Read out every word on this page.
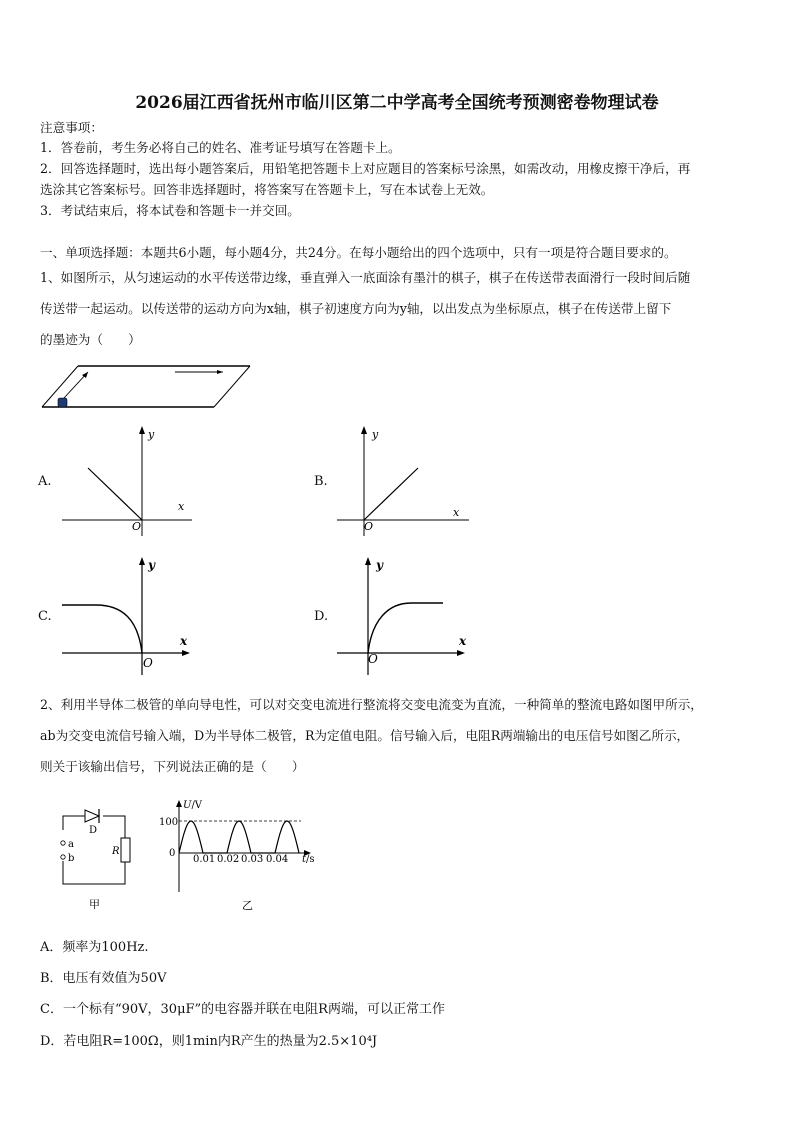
2026届江西省抚州市临川区第二中学高考全国统考预测密卷物理试卷
注意事项：
1．答卷前，考生务必将自己的姓名、准考证号填写在答题卡上。
2．回答选择题时，选出每小题答案后，用铅笔把答题卡上对应题目的答案标号涂黑，如需改动，用橡皮擦干净后，再
选涂其它答案标号。回答非选择题时，将答案写在答题卡上，写在本试卷上无效。
3．考试结束后，将本试卷和答题卡一并交回。
一、单项选择题：本题共6小题，每小题4分，共24分。在每小题给出的四个选项中，只有一项是符合题目要求的。
1、如图所示，从匀速运动的水平传送带边缘，垂直弹入一底面涂有墨汁的棋子，棋子在传送带表面滑行一段时间后随
传送带一起运动。以传送带的运动方向为x轴，棋子初速度方向为y轴，以出发点为坐标原点，棋子在传送带上留下
的墨迹为（　　）
A.
y
x
O
B.
y
x
O
C.
y
x
O
D.
y
x
O
2、利用半导体二极管的单向导电性，可以对交变电流进行整流将交变电流变为直流，一种简单的整流电路如图甲所示，
ab为交变电流信号输入端，D为半导体二极管，R为定值电阻。信号输入后，电阻R两端输出的电压信号如图乙所示，
则关于该输出信号，下列说法正确的是（　　）
D
R
a
b
甲
U/V
100
0
0.01 0.02 0.03 0.04 t/s
乙
A．频率为100Hz.
B．电压有效值为50V
C．一个标有“90V，30μF”的电容器并联在电阻R两端，可以正常工作
D．若电阻R=100Ω，则1min内R产生的热量为2.5×10⁴J
